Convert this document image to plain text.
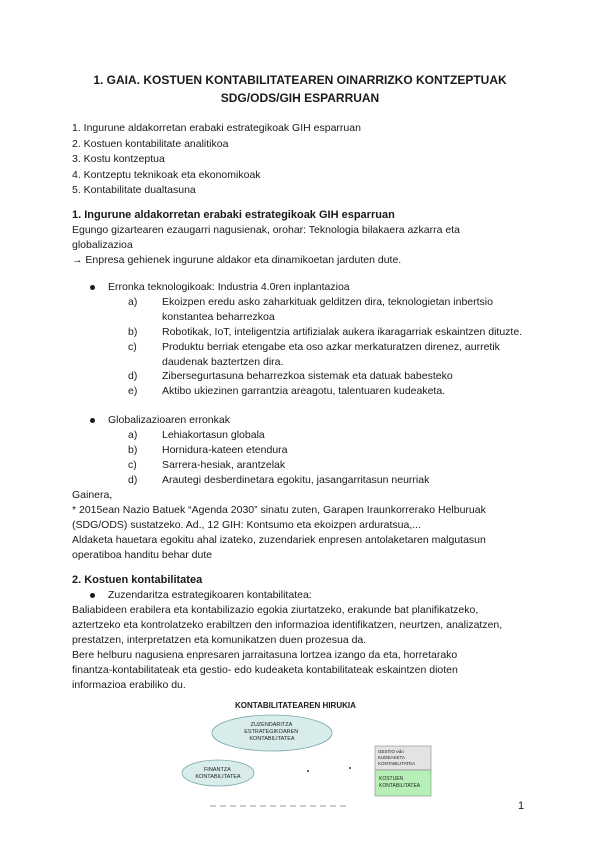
1. GAIA. KOSTUEN KONTABILITATEAREN OINARRIZKO KONTZEPTUAK
SDG/ODS/GIH ESPARRUAN
1. Ingurune aldakorretan erabaki estrategikoak GIH esparruan
2. Kostuen kontabilitate analitikoa
3. Kostu kontzeptua
4. Kontzeptu teknikoak eta ekonomikoak
5. Kontabilitate dualtasuna
1. Ingurune aldakorretan erabaki estrategikoak GIH esparruan
Egungo gizartearen ezaugarri nagusienak, orohar: Teknologia bilakaera azkarra eta
globalizazioa
→ Enpresa gehienek ingurune aldakor eta dinamikoetan jarduten dute.
Erronka teknologikoak: Industria 4.0ren inplantazioa
a)	Ekoizpen eredu asko zaharkituak gelditzen dira, teknologietan inbertsio
konstantea beharrezkoa
b)	Robotikak, IoT, inteligentzia artifizialak aukera ikaragarriak eskaintzen dituzte.
c)	Produktu berriak etengabe eta oso azkar merkaturatzen direnez, aurretik
daudenak baztertzen dira.
d)	Zibersegurtasuna beharrezkoa sistemak eta datuak babesteko
e)	Aktibo ukiezinen garrantzia areagotu, talentuaren kudeaketa.
Globalizazioaren erronkak
a)	Lehiakortasun globala
b)	Hornidura-kateen etendura
c)	Sarrera-hesiak, arantzelak
d)	Arautegi desberdinetara egokitu, jasangarritasun neurriak
Gainera,
* 2015ean Nazio Batuek “Agenda 2030” sinatu zuten, Garapen Iraunkorrerako Helburuak
(SDG/ODS) sustatzeko. Ad., 12 GIH: Kontsumo eta ekoizpen arduratsua,...
Aldaketa hauetara egokitu ahal izateko, zuzendariek enpresen antolaketaren malgutasun
operatiboa handitu behar dute
2. Kostuen kontabilitatea
Zuzendaritza estrategikoaren kontabilitatea:
Baliabideen erabilera eta kontabilizazio egokia ziurtatzeko, erakunde bat planifikatzeko,
aztertzeko eta kontrolatzeko erabiltzen den informazioa identifikatzen, neurtzen, analizatzen,
prestatzen, interpretatzen eta komunikatzen duen prozesua da.
Bere helburu nagusiena enpresaren jarraitasuna lortzea izango da eta, horretarako
finantza-kontabilitateak eta gestio- edo kudeaketa kontabilitateak eskaintzen dioten
informazioa erabiliko du.
KONTABILITATEAREN HIRUKIA
ZUZENDARITZA ESTRATEGIKOAREN KONTABILITATEA
FINANTZA KONTABILITATEA
GESTIO edo KUDEAKETA KONTABILITATEA
KOSTUEN KONTABILITATEA
1
